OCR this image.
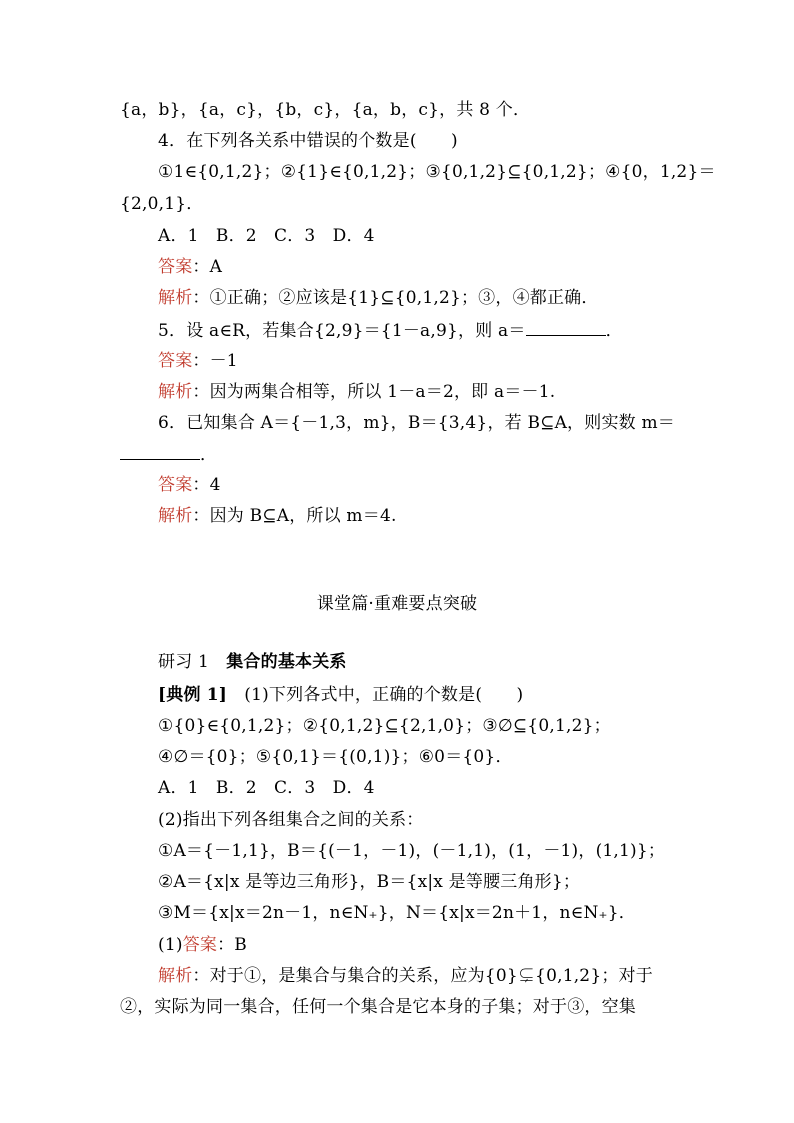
{a，b}，{a，c}，{b，c}，{a，b，c}，共 8 个．
4．在下列各关系中错误的个数是(　　)
①1∈{0,1,2}；②{1}∈{0,1,2}；③{0,1,2}⊆{0,1,2}；④{0，1,2}＝
{2,0,1}．
A．1　B．2　C．3　D．4
答案：A
解析：①正确；②应该是{1}⊆{0,1,2}；③，④都正确．
5．设 a∈R，若集合{2,9}＝{1－a,9}，则 a＝	．
答案：－1
解析：因为两集合相等，所以 1－a＝2，即 a＝－1.
6．已知集合 A＝{－1,3，m}，B＝{3,4}，若 B⊆A，则实数 m＝
．
答案：4
解析：因为 B⊆A，所以 m＝4.
课堂篇·重难要点突破
研习 1　集合的基本关系
[典例 1]　(1)下列各式中，正确的个数是(　　)
①{0}∈{0,1,2}；②{0,1,2}⊆{2,1,0}；③∅⊆{0,1,2}；
④∅＝{0}；⑤{0,1}＝{(0,1)}；⑥0＝{0}．
A．1　B．2　C．3　D．4
(2)指出下列各组集合之间的关系：
①A＝{－1,1}，B＝{(－1，－1)，(－1,1)，(1，－1)，(1,1)}；
②A＝{x|x 是等边三角形}，B＝{x|x 是等腰三角形}；
③M＝{x|x＝2n－1，n∈N₊}，N＝{x|x＝2n＋1，n∈N₊}．
(1)答案：B
解析：对于①，是集合与集合的关系，应为{0}⊊{0,1,2}；对于
②，实际为同一集合，任何一个集合是它本身的子集；对于③，空集
